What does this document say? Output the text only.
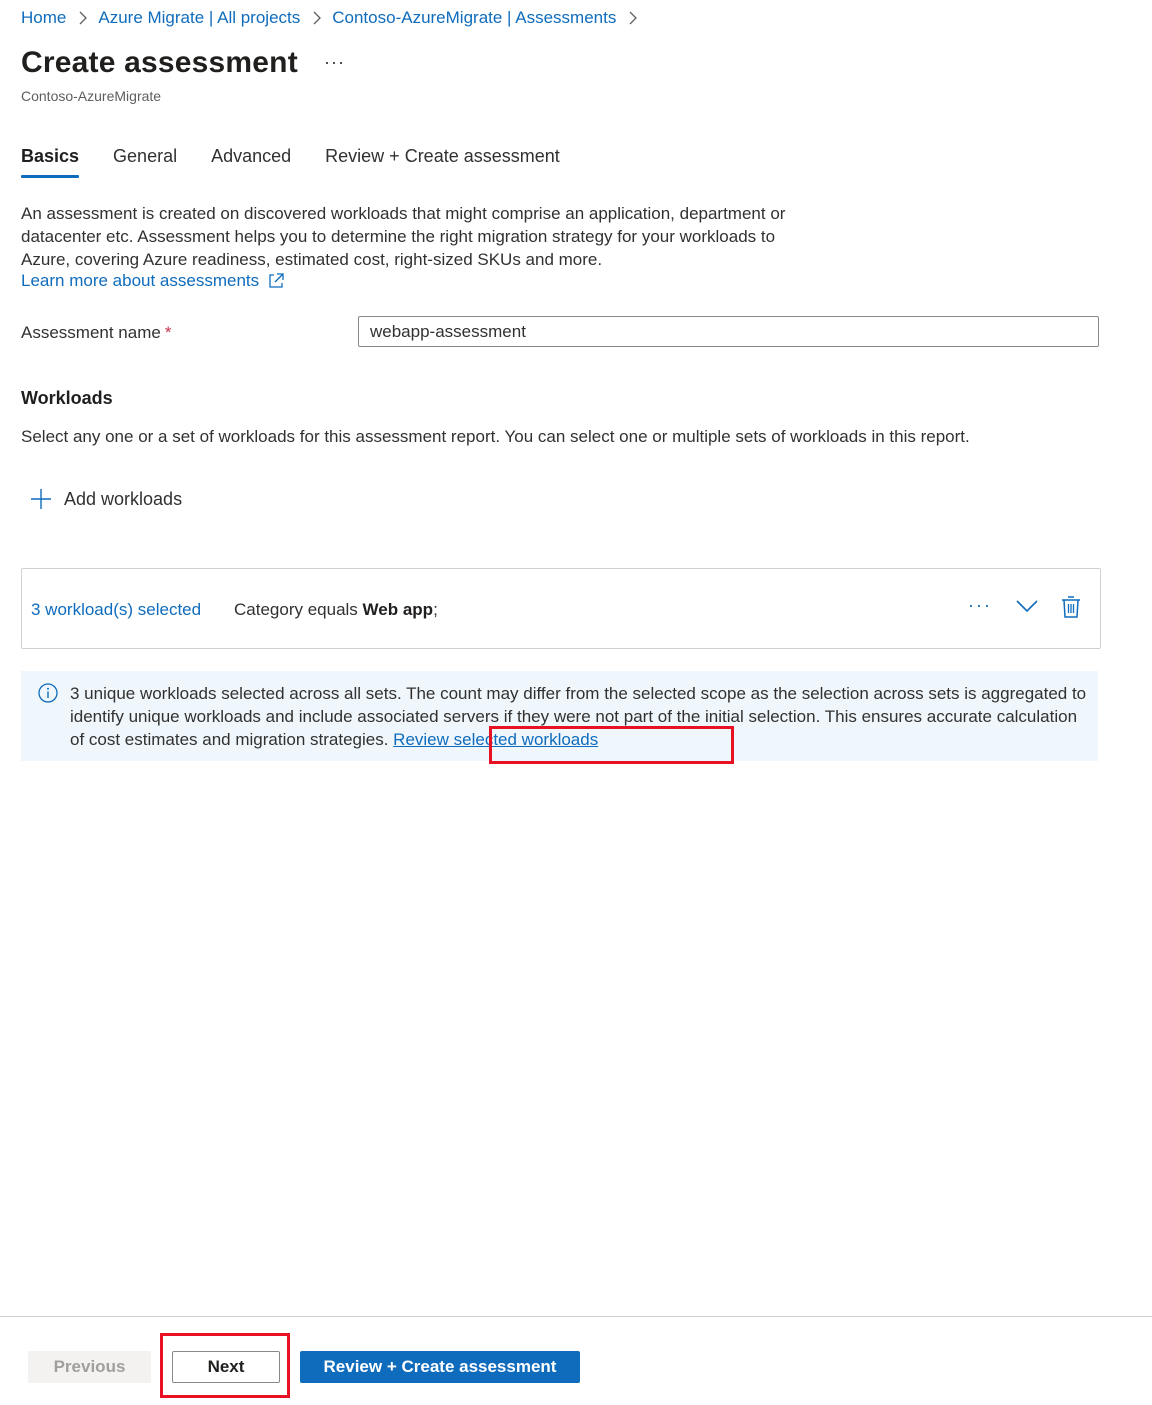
Home Azure Migrate | All projects Contoso-AzureMigrate | Assessments
Create assessment ···
Contoso-AzureMigrate
Basics General Advanced Review + Create assessment
An assessment is created on discovered workloads that might comprise an application, department or datacenter etc. Assessment helps you to determine the right migration strategy for your workloads to Azure, covering Azure readiness, estimated cost, right-sized SKUs and more.
Learn more about assessments
Assessment name *
webapp-assessment
Workloads
Select any one or a set of workloads for this assessment report. You can select one or multiple sets of workloads in this report.
Add workloads
3 workload(s) selected Category equals Web app;	···
3 unique workloads selected across all sets. The count may differ from the selected scope as the selection across sets is aggregated to identify unique workloads and include associated servers if they were not part of the initial selection. This ensures accurate calculation of cost estimates and migration strategies. Review selected workloads
Previous	Next	Review + Create assessment
